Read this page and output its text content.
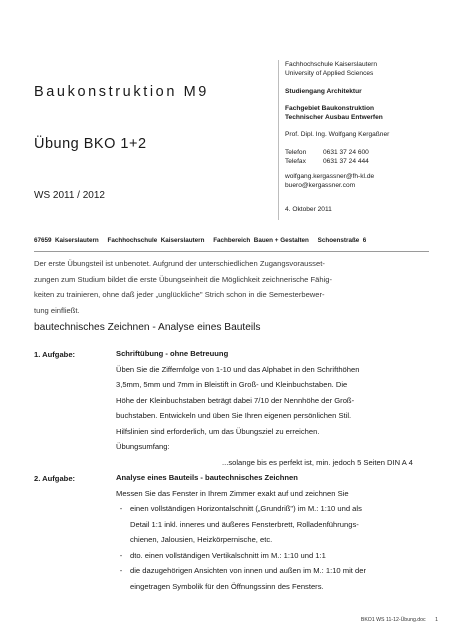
Fachhochschule Kaiserslautern
University of Applied Sciences
Baukonstruktion M9	Studiengang Architektur
Fachgebiet Baukonstruktion
Technischer Ausbau Entwerfen
Übung BKO 1+2
Prof. Dipl. Ing. Wolfgang Kergaßner
Telefon	0631 37 24 600
Telefax	0631 37 24 444
wolfgang.kergassner@fh-kl.de
buero@kergassner.com
WS 2011 / 2012
4. Oktober 2011
67659  Kaiserslautern     Fachhochschule  Kaiserslautern     Fachbereich  Bauen + Gestalten     Schoenstraße  6
Der erste Übungsteil ist unbenotet. Aufgrund der unterschiedlichen Zugangsvorausset-
zungen zum Studium bildet die erste Übungseinheit die Möglichkeit zeichnerische Fähig-
keiten zu trainieren, ohne daß jeder „unglückliche" Strich schon in die Semesterbewer-
tung einfließt.
bautechnisches Zeichnen - Analyse eines Bauteils
1. Aufgabe:	Schriftübung - ohne Betreuung
Üben Sie die Ziffernfolge von 1-10 und das Alphabet in den Schrifthöhen
3,5mm, 5mm und 7mm in Bleistift in Groß- und Kleinbuchstaben. Die
Höhe der Kleinbuchstaben beträgt dabei 7/10 der Nennhöhe der Groß-
buchstaben. Entwickeln und üben Sie Ihren eigenen persönlichen Stil.
Hilfslinien sind erforderlich, um das Übungsziel zu erreichen.
Übungsumfang:
...solange bis es perfekt ist, min. jedoch 5 Seiten DIN A 4
2. Aufgabe:	Analyse eines Bauteils - bautechnisches Zeichnen
Messen Sie das Fenster in Ihrem Zimmer exakt auf und zeichnen Sie
-	einen vollständigen Horizontalschnitt („Grundriß") im M.: 1:10 und als
Detail 1:1 inkl. inneres und äußeres Fensterbrett, Rolladenführungs-
chienen, Jalousien, Heizkörpernische, etc.
-	dto. einen vollständigen Vertikalschnitt im M.: 1:10 und 1:1
-	die dazugehörigen Ansichten von innen und außen im M.: 1:10 mit der
eingetragen Symbolik für den Öffnungssinn des Fensters.
BKO1 WS 11-12-Übung.doc 1
